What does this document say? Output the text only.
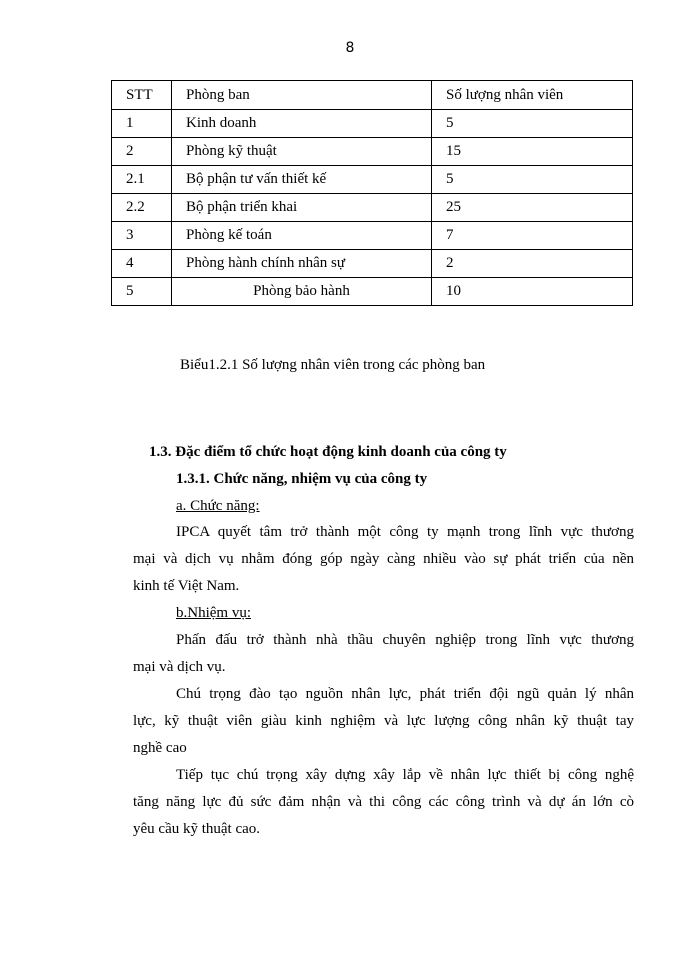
8
STT	Phòng ban	Số lượng nhân viên
1	Kinh doanh	5
2	Phòng kỹ thuật	15
2.1	Bộ phận tư vấn thiết kế	5
2.2	Bộ phận triển khai	25
3	Phòng kế toán	7
4	Phòng hành chính nhân sự	2
5	Phòng bảo hành	10
Biểu1.2.1 Số lượng nhân viên trong các phòng ban
1.3. Đặc điểm tổ chức hoạt động kinh doanh của công ty
1.3.1. Chức năng, nhiệm vụ của công ty
a. Chức năng:
IPCA quyết tâm trở thành một công ty mạnh trong lĩnh vực thương
mại và dịch vụ nhằm đóng góp ngày càng nhiều vào sự phát triển của nền
kinh tế Việt Nam.
b.Nhiệm vụ:
Phấn đấu trở thành nhà thầu chuyên nghiệp trong lĩnh vực thương
mại và dịch vụ.
Chú trọng đào tạo nguồn nhân lực, phát triển đội ngũ quản lý nhân
lực, kỹ thuật viên giàu kinh nghiệm và lực lượng công nhân kỹ thuật tay
nghề cao
Tiếp tục chú trọng xây dựng xây lắp về nhân lực thiết bị công nghệ
tăng năng lực đủ sức đảm nhận và thi công các công trình và dự án lớn cò
yêu cầu kỹ thuật cao.
